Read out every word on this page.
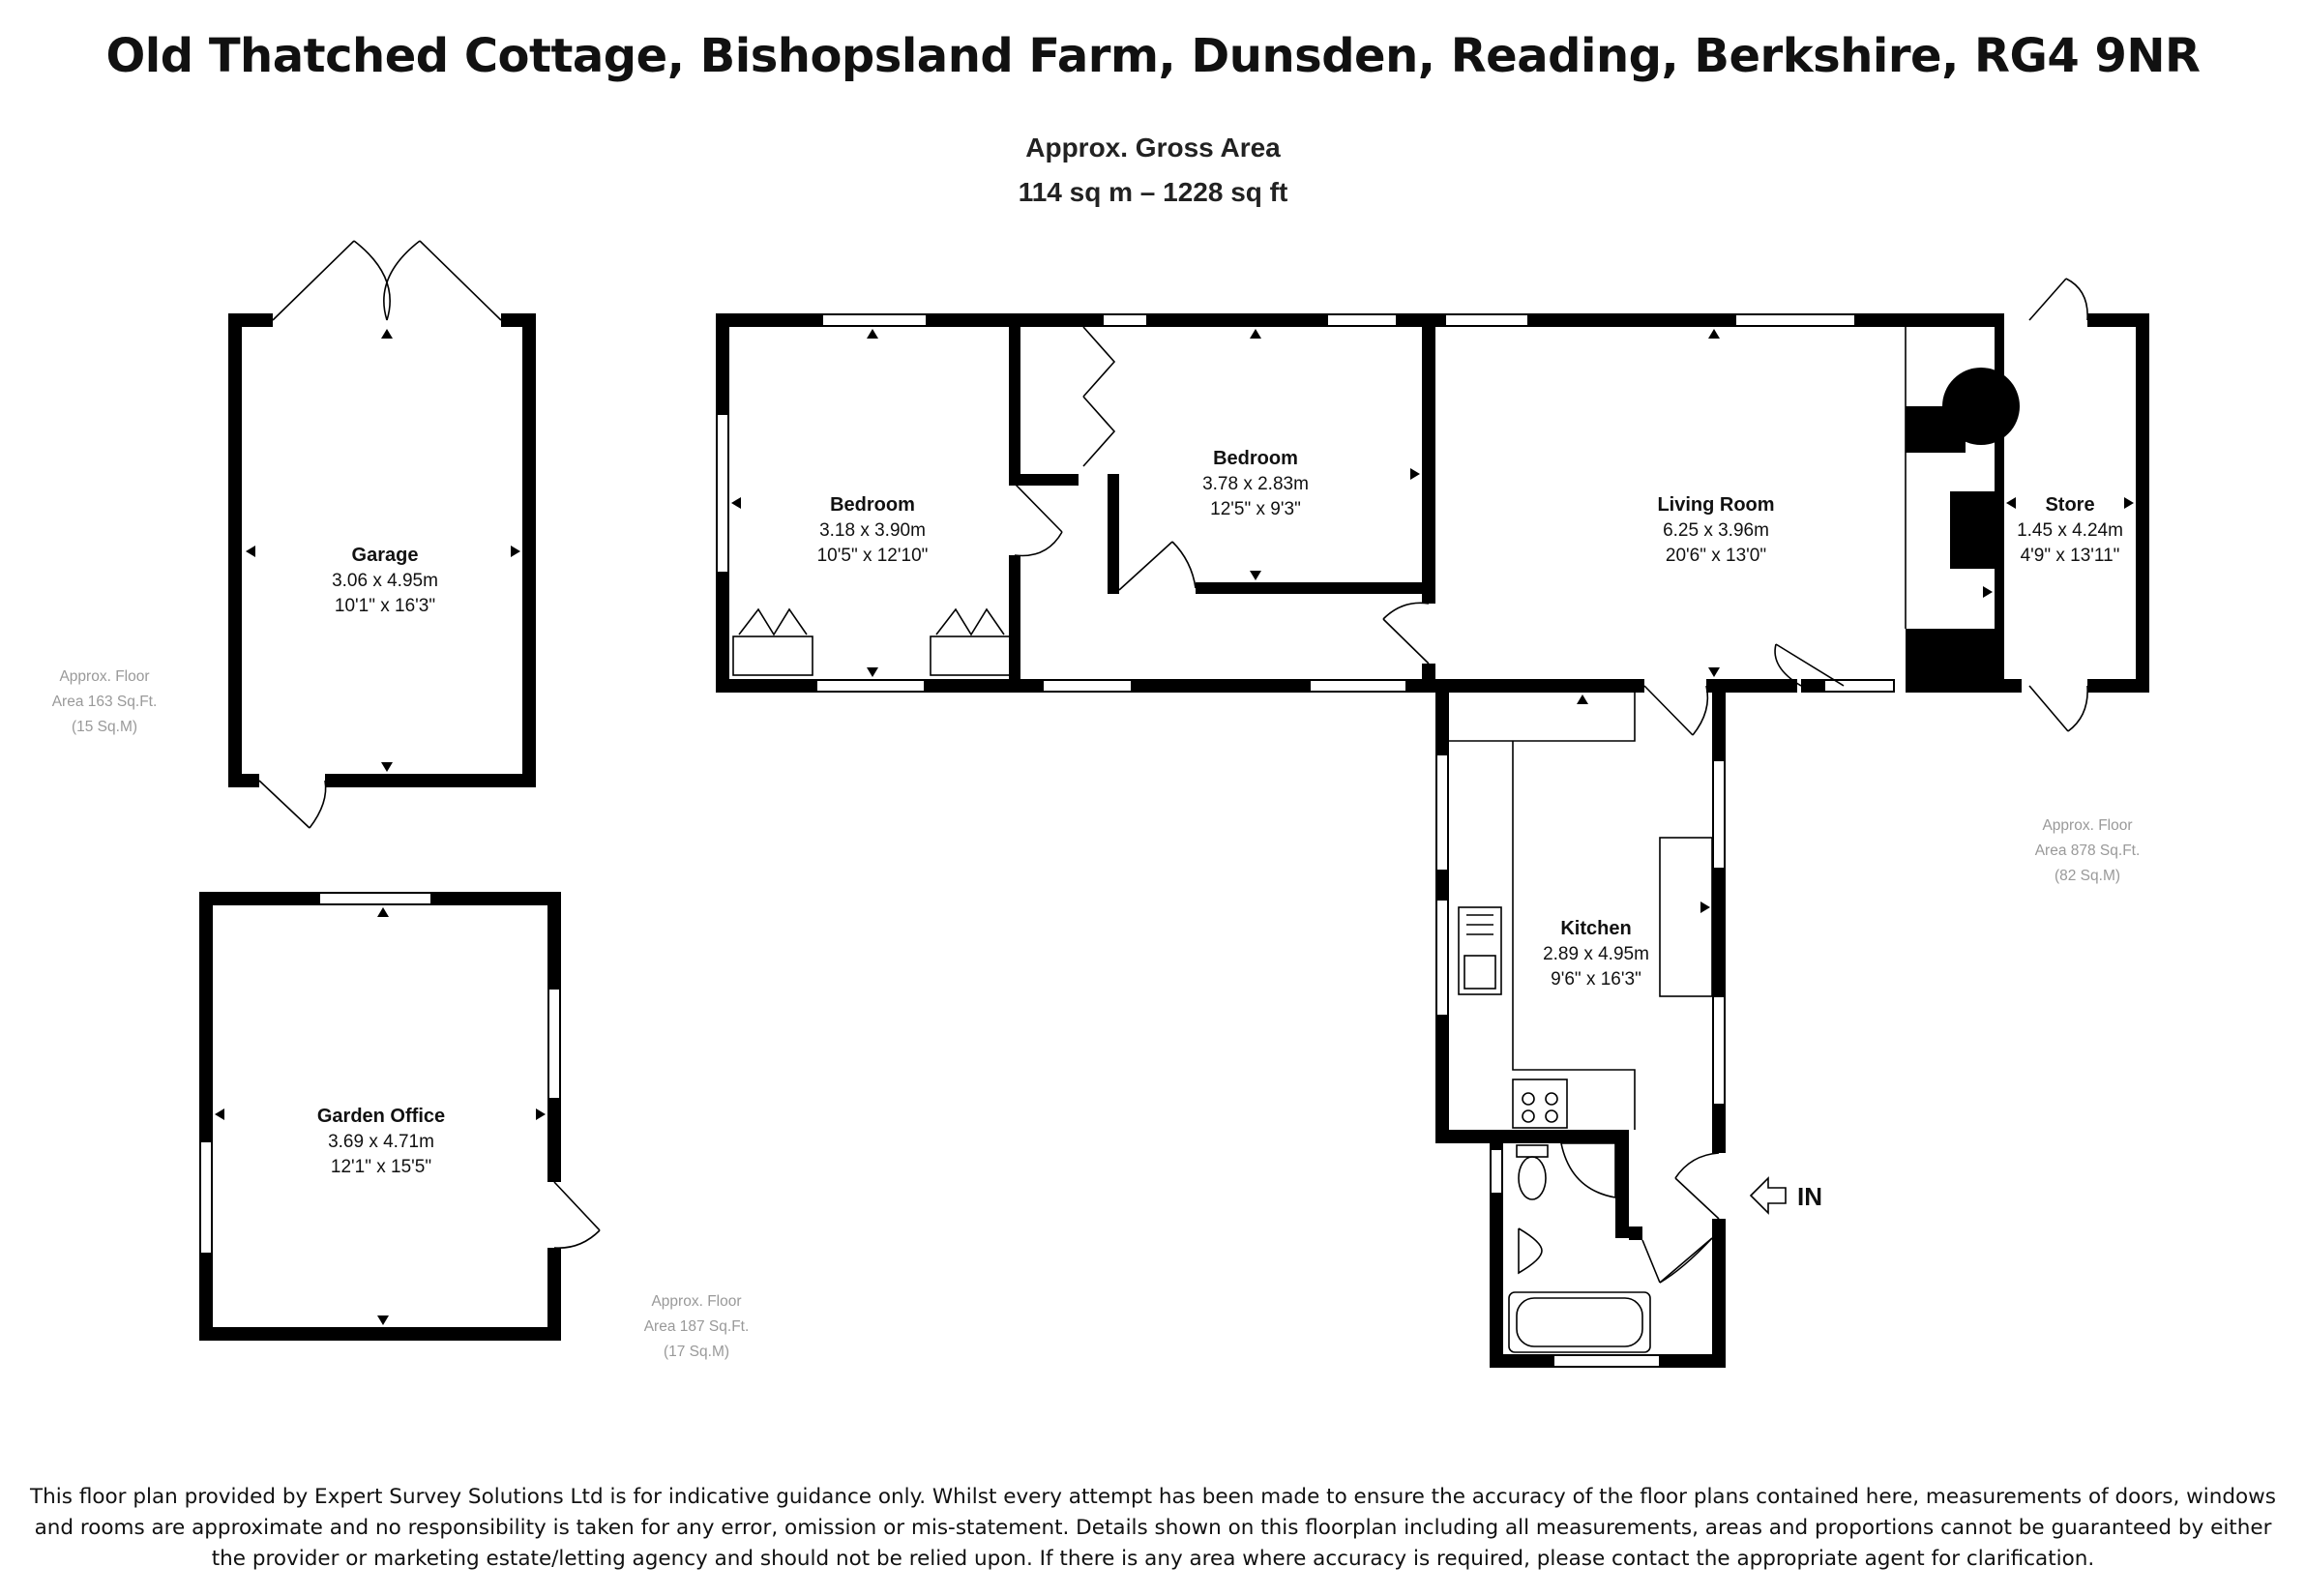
Old Thatched Cottage, Bishopsland Farm, Dunsden, Reading, Berkshire, RG4 9NR
Approx. Gross Area
114 sq m – 1228 sq ft
Garage
3.06 x 4.95m
10'1" x 16'3"
Bedroom
3.18 x 3.90m
10'5" x 12'10"
Bedroom
3.78 x 2.83m
12'5" x 9'3"	Living Room
6.25 x 3.96m
20'6" x 13'0"
Store
1.45 x 4.24m
4'9" x 13'11"
Kitchen
2.89 x 4.95m
9'6" x 16'3"
Garden Office
3.69 x 4.71m
12'1" x 15'5"
Approx. Floor
Area 163 Sq.Ft.
(15 Sq.M)
Approx. Floor
Area 878 Sq.Ft.
(82 Sq.M)
Approx. Floor
Area 187 Sq.Ft.
(17 Sq.M)
IN
This floor plan provided by Expert Survey Solutions Ltd is for indicative guidance only. Whilst every attempt has been made to ensure the accuracy of the floor plans contained here, measurements of doors, windows and rooms are approximate and no responsibility is taken for any error, omission or mis-statement. Details shown on this floorplan including all measurements, areas and proportions cannot be guaranteed by either the provider or marketing estate/letting agency and should not be relied upon. If there is any area where accuracy is required, please contact the appropriate agent for clarification.
